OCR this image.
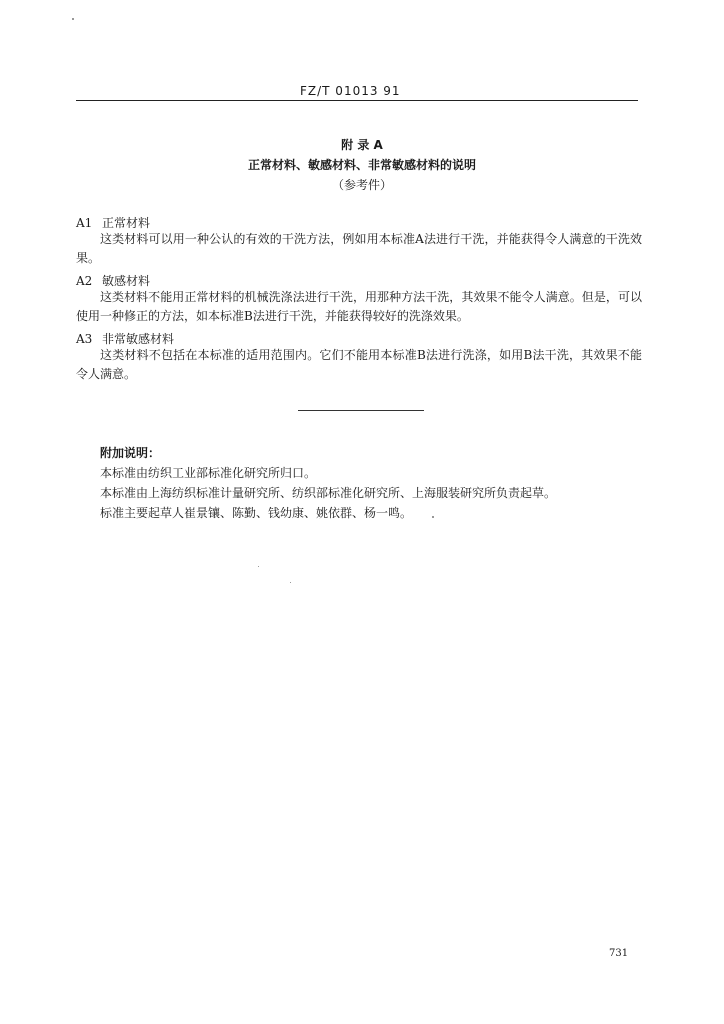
FZ/T 01013 91
附 录 A
正常材料、敏感材料、非常敏感材料的说明
（参考件）
A1 正常材料

这类材料可以用一种公认的有效的干洗方法，例如用本标准A法进行干洗，并能获得令人满意的干洗效果。

A2 敏感材料

这类材料不能用正常材料的机械洗涤法进行干洗，用那种方法干洗，其效果不能令人满意。但是，可以使用一种修正的方法，如本标准B法进行干洗，并能获得较好的洗涤效果。

A3 非常敏感材料

这类材料不包括在本标准的适用范围内。它们不能用本标准B法进行洗涤，如用B法干洗，其效果不能令人满意。

附加说明：
本标准由纺织工业部标准化研究所归口。
本标准由上海纺织标准计量研究所、纺织部标准化研究所、上海服装研究所负责起草。
标准主要起草人崔景镶、陈勤、钱幼康、姚依群、杨一鸣。
731
